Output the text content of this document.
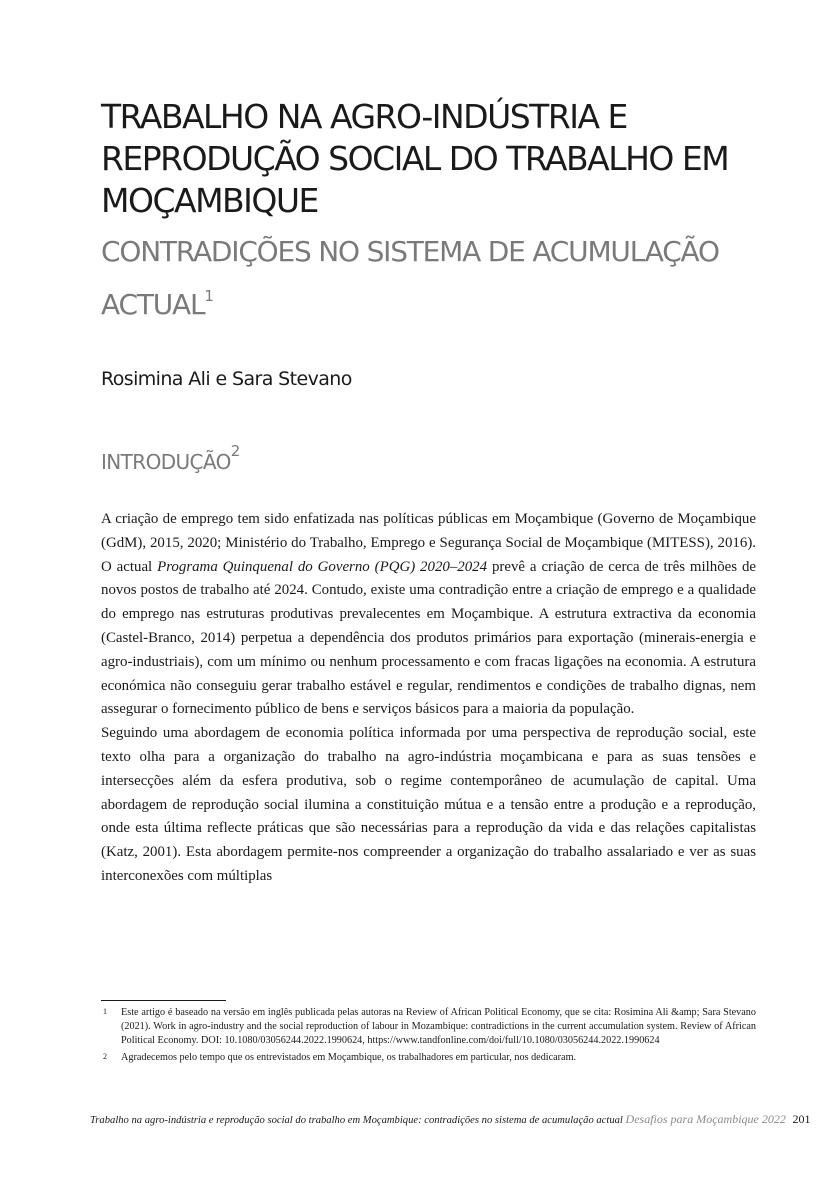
TRABALHO NA AGRO-INDÚSTRIA E REPRODUÇÃO SOCIAL DO TRABALHO EM MOÇAMBIQUE
CONTRADIÇÕES NO SISTEMA DE ACUMULAÇÃO ACTUAL$^1$

Rosimina Ali e Sara Stevano

INTRODUÇÃO$^2$

A criação de emprego tem sido enfatizada nas políticas públicas em Moçambique (Governo de Moçambique (GdM), 2015, 2020; Ministério do Trabalho, Emprego e Segurança Social de Moçambique (MITESS), 2016). O actual Programa Quinquenal do Governo (PQG) 2020–2024 prevê a criação de cerca de três milhões de novos postos de trabalho até 2024. Contudo, existe uma contradição entre a criação de emprego e a qualidade do emprego nas estruturas produtivas prevalecentes em Moçambique. A estrutura extractiva da economia (Castel-Branco, 2014) perpetua a dependência dos produtos primários para exportação (minerais-energia e agro-industriais), com um mínimo ou nenhum processamento e com fracas ligações na economia. A estrutura económica não conseguiu gerar trabalho estável e regular, rendimentos e condições de trabalho dignas, nem assegurar o fornecimento público de bens e serviços básicos para a maioria da população.

Seguindo uma abordagem de economia política informada por uma perspectiva de reprodução social, este texto olha para a organização do trabalho na agro-indústria moçambicana e para as suas tensões e intersecções além da esfera produtiva, sob o regime contemporâneo de acumulação de capital. Uma abordagem de reprodução social ilumina a constituição mútua e a tensão entre a produção e a reprodução, onde esta última reflecte práticas que são necessárias para a reprodução da vida e das relações capitalistas (Katz, 2001). Esta abordagem permite-nos compreender a organização do trabalho assalariado e ver as suas interconexões com múltiplas

1 Este artigo é baseado na versão em inglês publicada pelas autoras na Review of African Political Economy, que se cita: Rosimina Ali &amp; Sara Stevano (2021). Work in agro-industry and the social reproduction of labour in Mozambique: contradictions in the current accumulation system. Review of African Political Economy. DOI: 10.1080/03056244.2022.1990624, https://www.tandfonline.com/doi/full/10.1080/03056244.2022.1990624
2 Agradecemos pelo tempo que os entrevistados em Moçambique, os trabalhadores em particular, nos dedicaram.
Trabalho na agro-indústria e reprodução social do trabalho em Moçambique: contradições no sistema de acumulação actual Desafios para Moçambique 2022 201
